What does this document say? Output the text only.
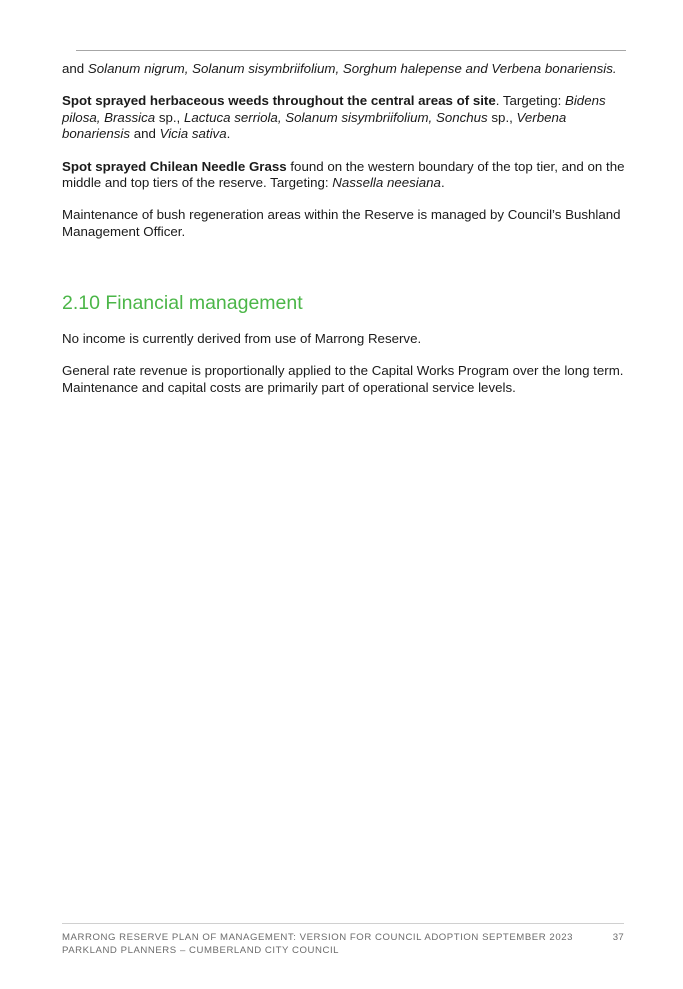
and Solanum nigrum, Solanum sisymbriifolium, Sorghum halepense and Verbena bonariensis.

Spot sprayed herbaceous weeds throughout the central areas of site. Targeting: Bidens pilosa, Brassica sp., Lactuca serriola, Solanum sisymbriifolium, Sonchus sp., Verbena bonariensis and Vicia sativa.

Spot sprayed Chilean Needle Grass found on the western boundary of the top tier, and on the middle and top tiers of the reserve. Targeting: Nassella neesiana.

Maintenance of bush regeneration areas within the Reserve is managed by Council’s Bushland Management Officer.

2.10 Financial management

No income is currently derived from use of Marrong Reserve.

General rate revenue is proportionally applied to the Capital Works Program over the long term. Maintenance and capital costs are primarily part of operational service levels.

MARRONG RESERVE PLAN OF MANAGEMENT: VERSION FOR COUNCIL ADOPTION SEPTEMBER 2023
PARKLAND PLANNERS – CUMBERLAND CITY COUNCIL
37
